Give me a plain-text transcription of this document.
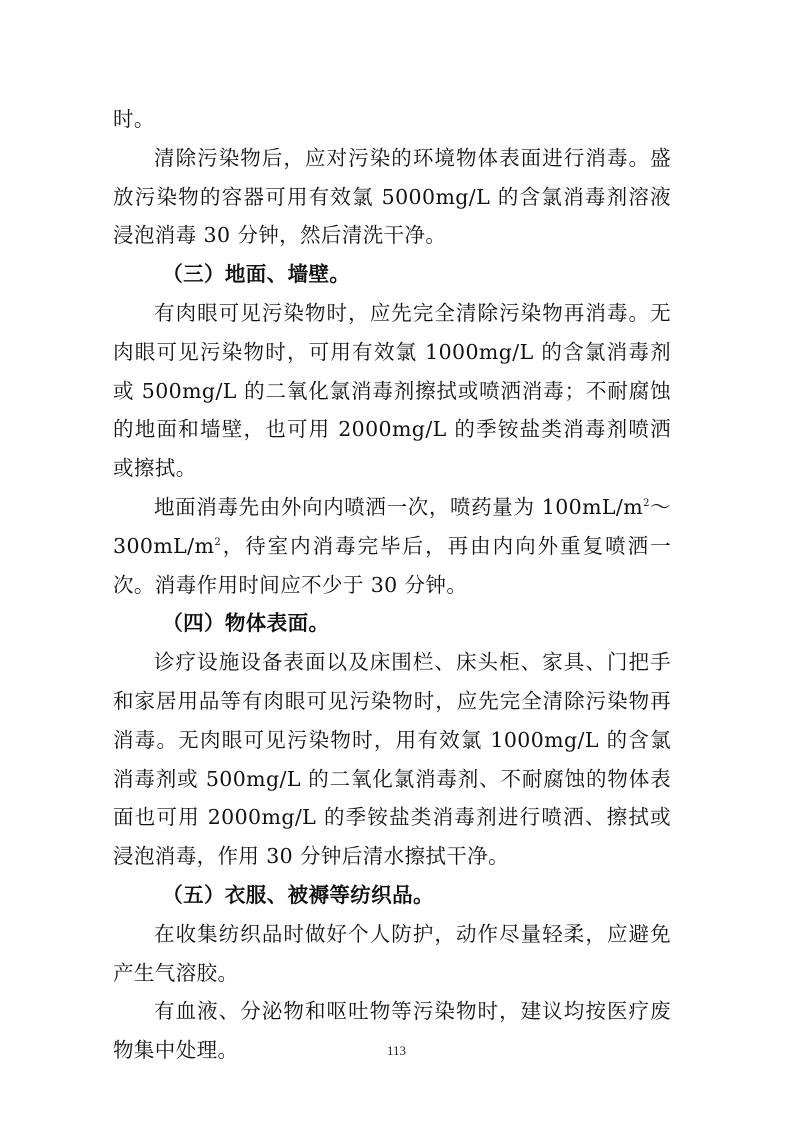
时。

清除污染物后，应对污染的环境物体表面进行消毒。盛放污染物的容器可用有效氯 5000mg/L 的含氯消毒剂溶液浸泡消毒 30 分钟，然后清洗干净。

（三）地面、墙壁。

有肉眼可见污染物时，应先完全清除污染物再消毒。无肉眼可见污染物时，可用有效氯 1000mg/L 的含氯消毒剂或 500mg/L 的二氧化氯消毒剂擦拭或喷洒消毒；不耐腐蚀的地面和墙壁，也可用 2000mg/L 的季铵盐类消毒剂喷洒或擦拭。

地面消毒先由外向内喷洒一次，喷药量为 $100mL/m^2\sim 300mL/m^2$，待室内消毒完毕后，再由内向外重复喷洒一次。消毒作用时间应不少于 30 分钟。

（四）物体表面。

诊疗设施设备表面以及床围栏、床头柜、家具、门把手和家居用品等有肉眼可见污染物时，应先完全清除污染物再消毒。无肉眼可见污染物时，用有效氯 1000mg/L 的含氯消毒剂或 500mg/L 的二氧化氯消毒剂、不耐腐蚀的物体表面也可用 2000mg/L 的季铵盐类消毒剂进行喷洒、擦拭或浸泡消毒，作用 30 分钟后清水擦拭干净。

（五）衣服、被褥等纺织品。

在收集纺织品时做好个人防护，动作尽量轻柔，应避免产生气溶胶。

有血液、分泌物和呕吐物等污染物时，建议均按医疗废物集中处理。	113
